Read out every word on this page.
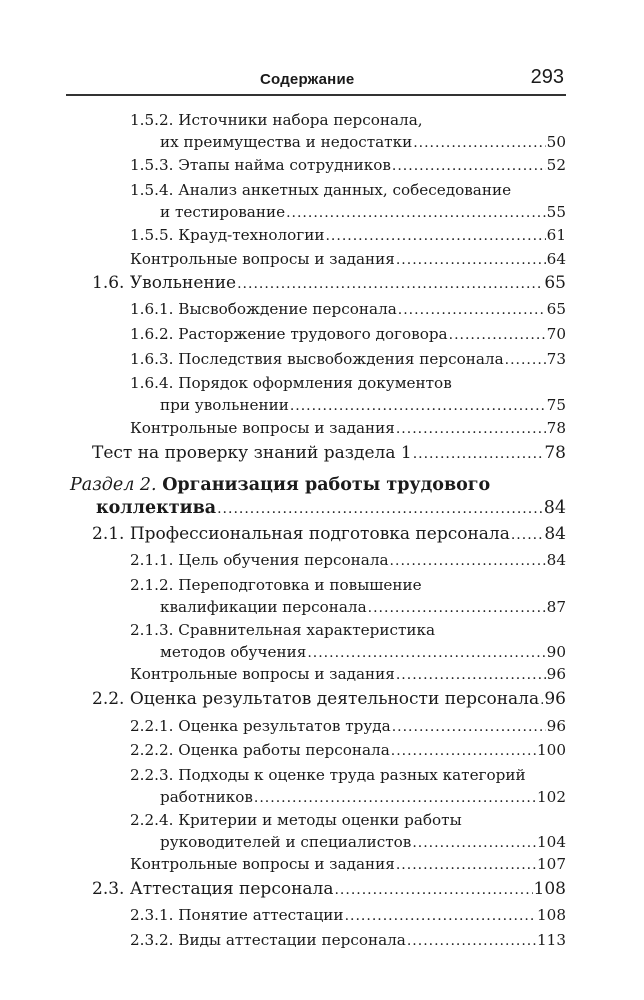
Содержание	293
1.5.2. Источники набора персонала,
их преимущества и недостатки .....	50
1.5.3. Этапы найма сотрудников .....	52
1.5.4. Анализ анкетных данных, собеседование
и тестирование .....	55
1.5.5. Крауд-технологии .....	61
Контрольные вопросы и задания .....	64
1.6. Увольнение .....	65
1.6.1. Высвобождение персонала .....	65
1.6.2. Расторжение трудового договора .....	70
1.6.3. Последствия высвобождения персонала .....	73
1.6.4. Порядок оформления документов
при увольнении .....	75
Контрольные вопросы и задания .....	78
Тест на проверку знаний раздела 1 .....	78
Раздел 2. Организация работы трудового
коллектива .....	84
2.1. Профессиональная подготовка персонала ..... 84
2.1.1. Цель обучения персонала .....	84
2.1.2. Переподготовка и повышение
квалификации персонала .....	87
2.1.3. Сравнительная характеристика
методов обучения .....	90
Контрольные вопросы и задания .....	96
2.2. Оценка результатов деятельности персонала ..... 96
2.2.1. Оценка результатов труда .....	96
2.2.2. Оценка работы персонала .....	100
2.2.3. Подходы к оценке труда разных категорий
работников .....	102
2.2.4. Критерии и методы оценки работы
руководителей и специалистов .....	104
Контрольные вопросы и задания .....	107
2.3. Аттестация персонала .....	108
2.3.1. Понятие аттестации .....	108
2.3.2. Виды аттестации персонала .....	113
